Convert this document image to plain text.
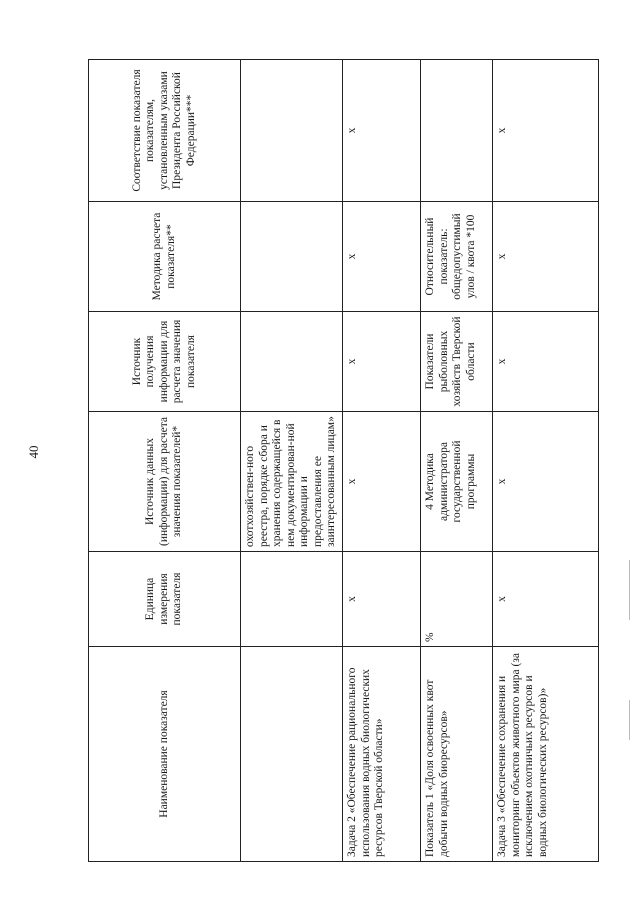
40
Наименование показателя	Единица измерения показателя	Источник данных (информации) для расчета значения показателей*	Источник получения информации для расчета значения показателя	Методика расчета показателя**	Соответствие показателя показателям, установленным указами Президента Российской Федерации***
		охотхозяйствен-ного реестра, порядке сбора и хранения содержащейся в нем документирован-ной информации и предоставления ее заинтересованным лицам»			
Задача 2 «Обеспечение рационального использования водных биологических ресурсов Тверской области»	х	х	х	х	х
Показатель 1 «Доля освоенных квот добычи водных биоресурсов»	%	4 Методика администратора государственной программы	Показатели рыболовных хозяйств Тверской области	Относительный показатель: общедопустимый улов / квота *100	
Задача 3 «Обеспечение сохранения и мониторинг объектов животного мира (за исключением охотничьих ресурсов и водных биологических ресурсов)»	х	х	х	х	х
